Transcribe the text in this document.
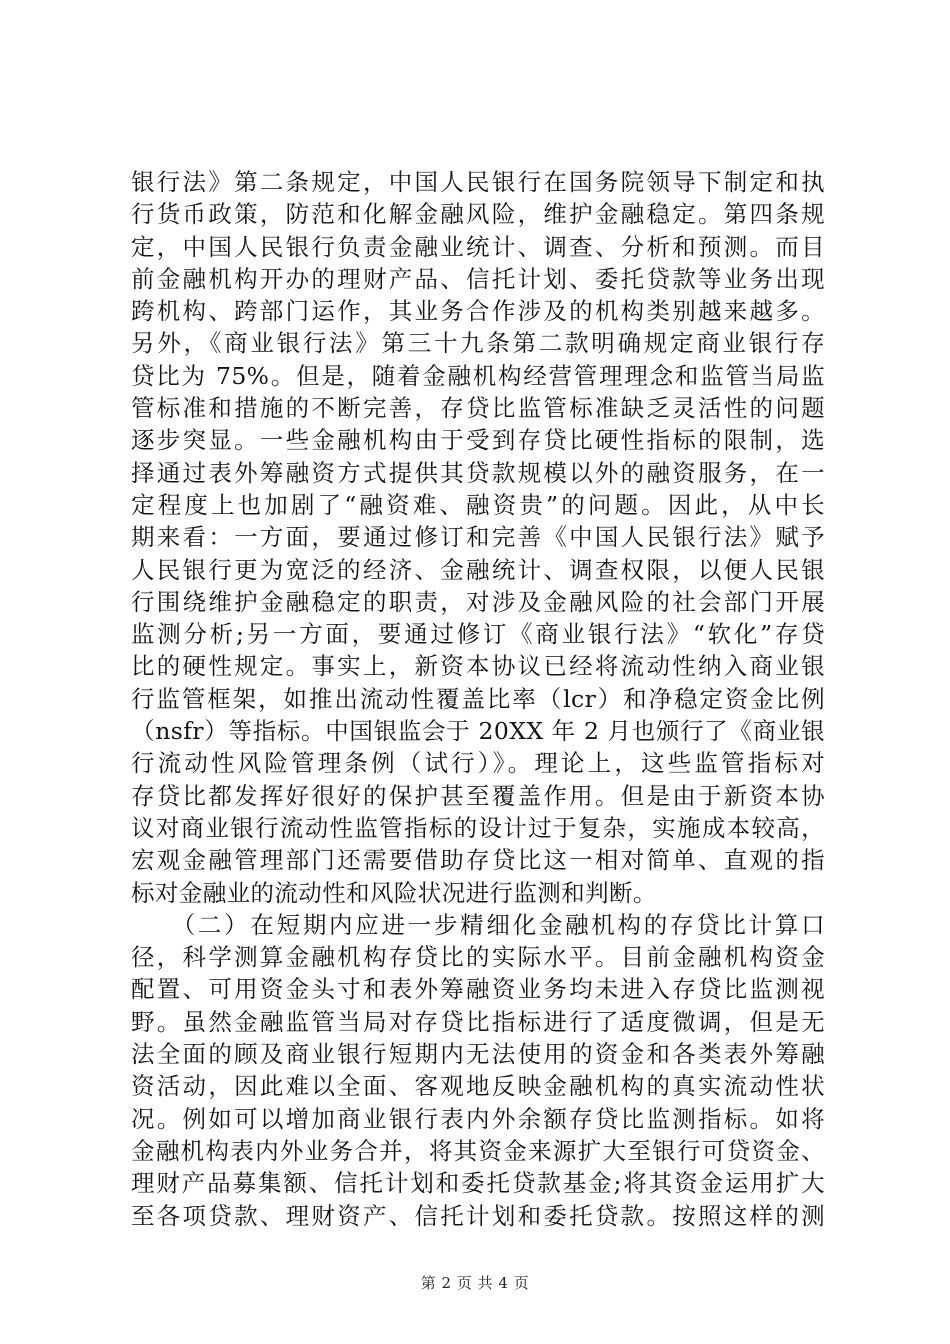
银行法》第二条规定，中国人民银行在国务院领导下制定和执
行货币政策，防范和化解金融风险，维护金融稳定。第四条规
定，中国人民银行负责金融业统计、调查、分析和预测。而目
前金融机构开办的理财产品、信托计划、委托贷款等业务出现
跨机构、跨部门运作，其业务合作涉及的机构类别越来越多。
另外，《商业银行法》第三十九条第二款明确规定商业银行存
贷比为 75%。但是，随着金融机构经营管理理念和监管当局监
管标准和措施的不断完善，存贷比监管标准缺乏灵活性的问题
逐步突显。一些金融机构由于受到存贷比硬性指标的限制，选
择通过表外筹融资方式提供其贷款规模以外的融资服务，在一
定程度上也加剧了“融资难、融资贵”的问题。因此，从中长
期来看：一方面，要通过修订和完善《中国人民银行法》赋予
人民银行更为宽泛的经济、金融统计、调查权限，以便人民银
行围绕维护金融稳定的职责，对涉及金融风险的社会部门开展
监测分析;另一方面，要通过修订《商业银行法》“软化”存贷
比的硬性规定。事实上，新资本协议已经将流动性纳入商业银
行监管框架，如推出流动性覆盖比率（lcr）和净稳定资金比例
（nsfr）等指标。中国银监会于 20XX 年 2 月也颁行了《商业银
行流动性风险管理条例（试行）》。理论上，这些监管指标对
存贷比都发挥好很好的保护甚至覆盖作用。但是由于新资本协
议对商业银行流动性监管指标的设计过于复杂，实施成本较高，
宏观金融管理部门还需要借助存贷比这一相对简单、直观的指
标对金融业的流动性和风险状况进行监测和判断。
　　（二）在短期内应进一步精细化金融机构的存贷比计算口
径，科学测算金融机构存贷比的实际水平。目前金融机构资金
配置、可用资金头寸和表外筹融资业务均未进入存贷比监测视
野。虽然金融监管当局对存贷比指标进行了适度微调，但是无
法全面的顾及商业银行短期内无法使用的资金和各类表外筹融
资活动，因此难以全面、客观地反映金融机构的真实流动性状
况。例如可以增加商业银行表内外余额存贷比监测指标。如将
金融机构表内外业务合并，将其资金来源扩大至银行可贷资金、
理财产品募集额、信托计划和委托贷款基金;将其资金运用扩大
至各项贷款、理财资产、信托计划和委托贷款。按照这样的测
第 2 页 共 4 页
